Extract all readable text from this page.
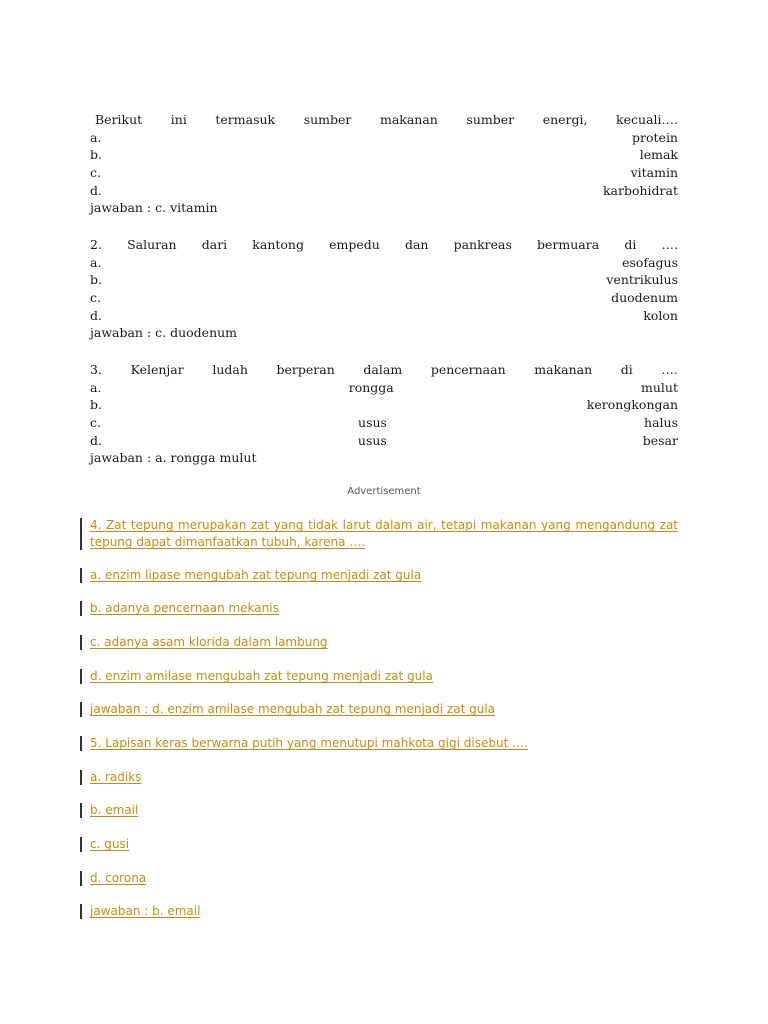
Berikut ini termasuk sumber makanan sumber energi, kecuali….
a.	protein
b.	lemak
c.	vitamin
d.	karbohidrat
jawaban : c. vitamin
2. Saluran dari kantong empedu dan pankreas bermuara di ….
a.	esofagus
b.	ventrikulus
c.	duodenum
d.	kolon
jawaban : c. duodenum
3. Kelenjar ludah berperan dalam pencernaan makanan di ….
a.	rongga	mulut
b.	kerongkongan
c.	usus	halus
d.	usus	besar
jawaban : a. rongga mulut
Advertisement
4. Zat tepung merupakan zat yang tidak larut dalam air, tetapi makanan yang mengandung zat tepung dapat dimanfaatkan tubuh, karena ….
a. enzim lipase mengubah zat tepung menjadi zat gula
b. adanya pencernaan mekanis
c. adanya asam klorida dalam lambung
d. enzim amilase mengubah zat tepung menjadi zat gula
jawaban : d. enzim amilase mengubah zat tepung menjadi zat gula
5. Lapisan keras berwarna putih yang menutupi mahkota gigi disebut ….
a. radiks
b. email
c. gusi
d. corona
jawaban : b. email
